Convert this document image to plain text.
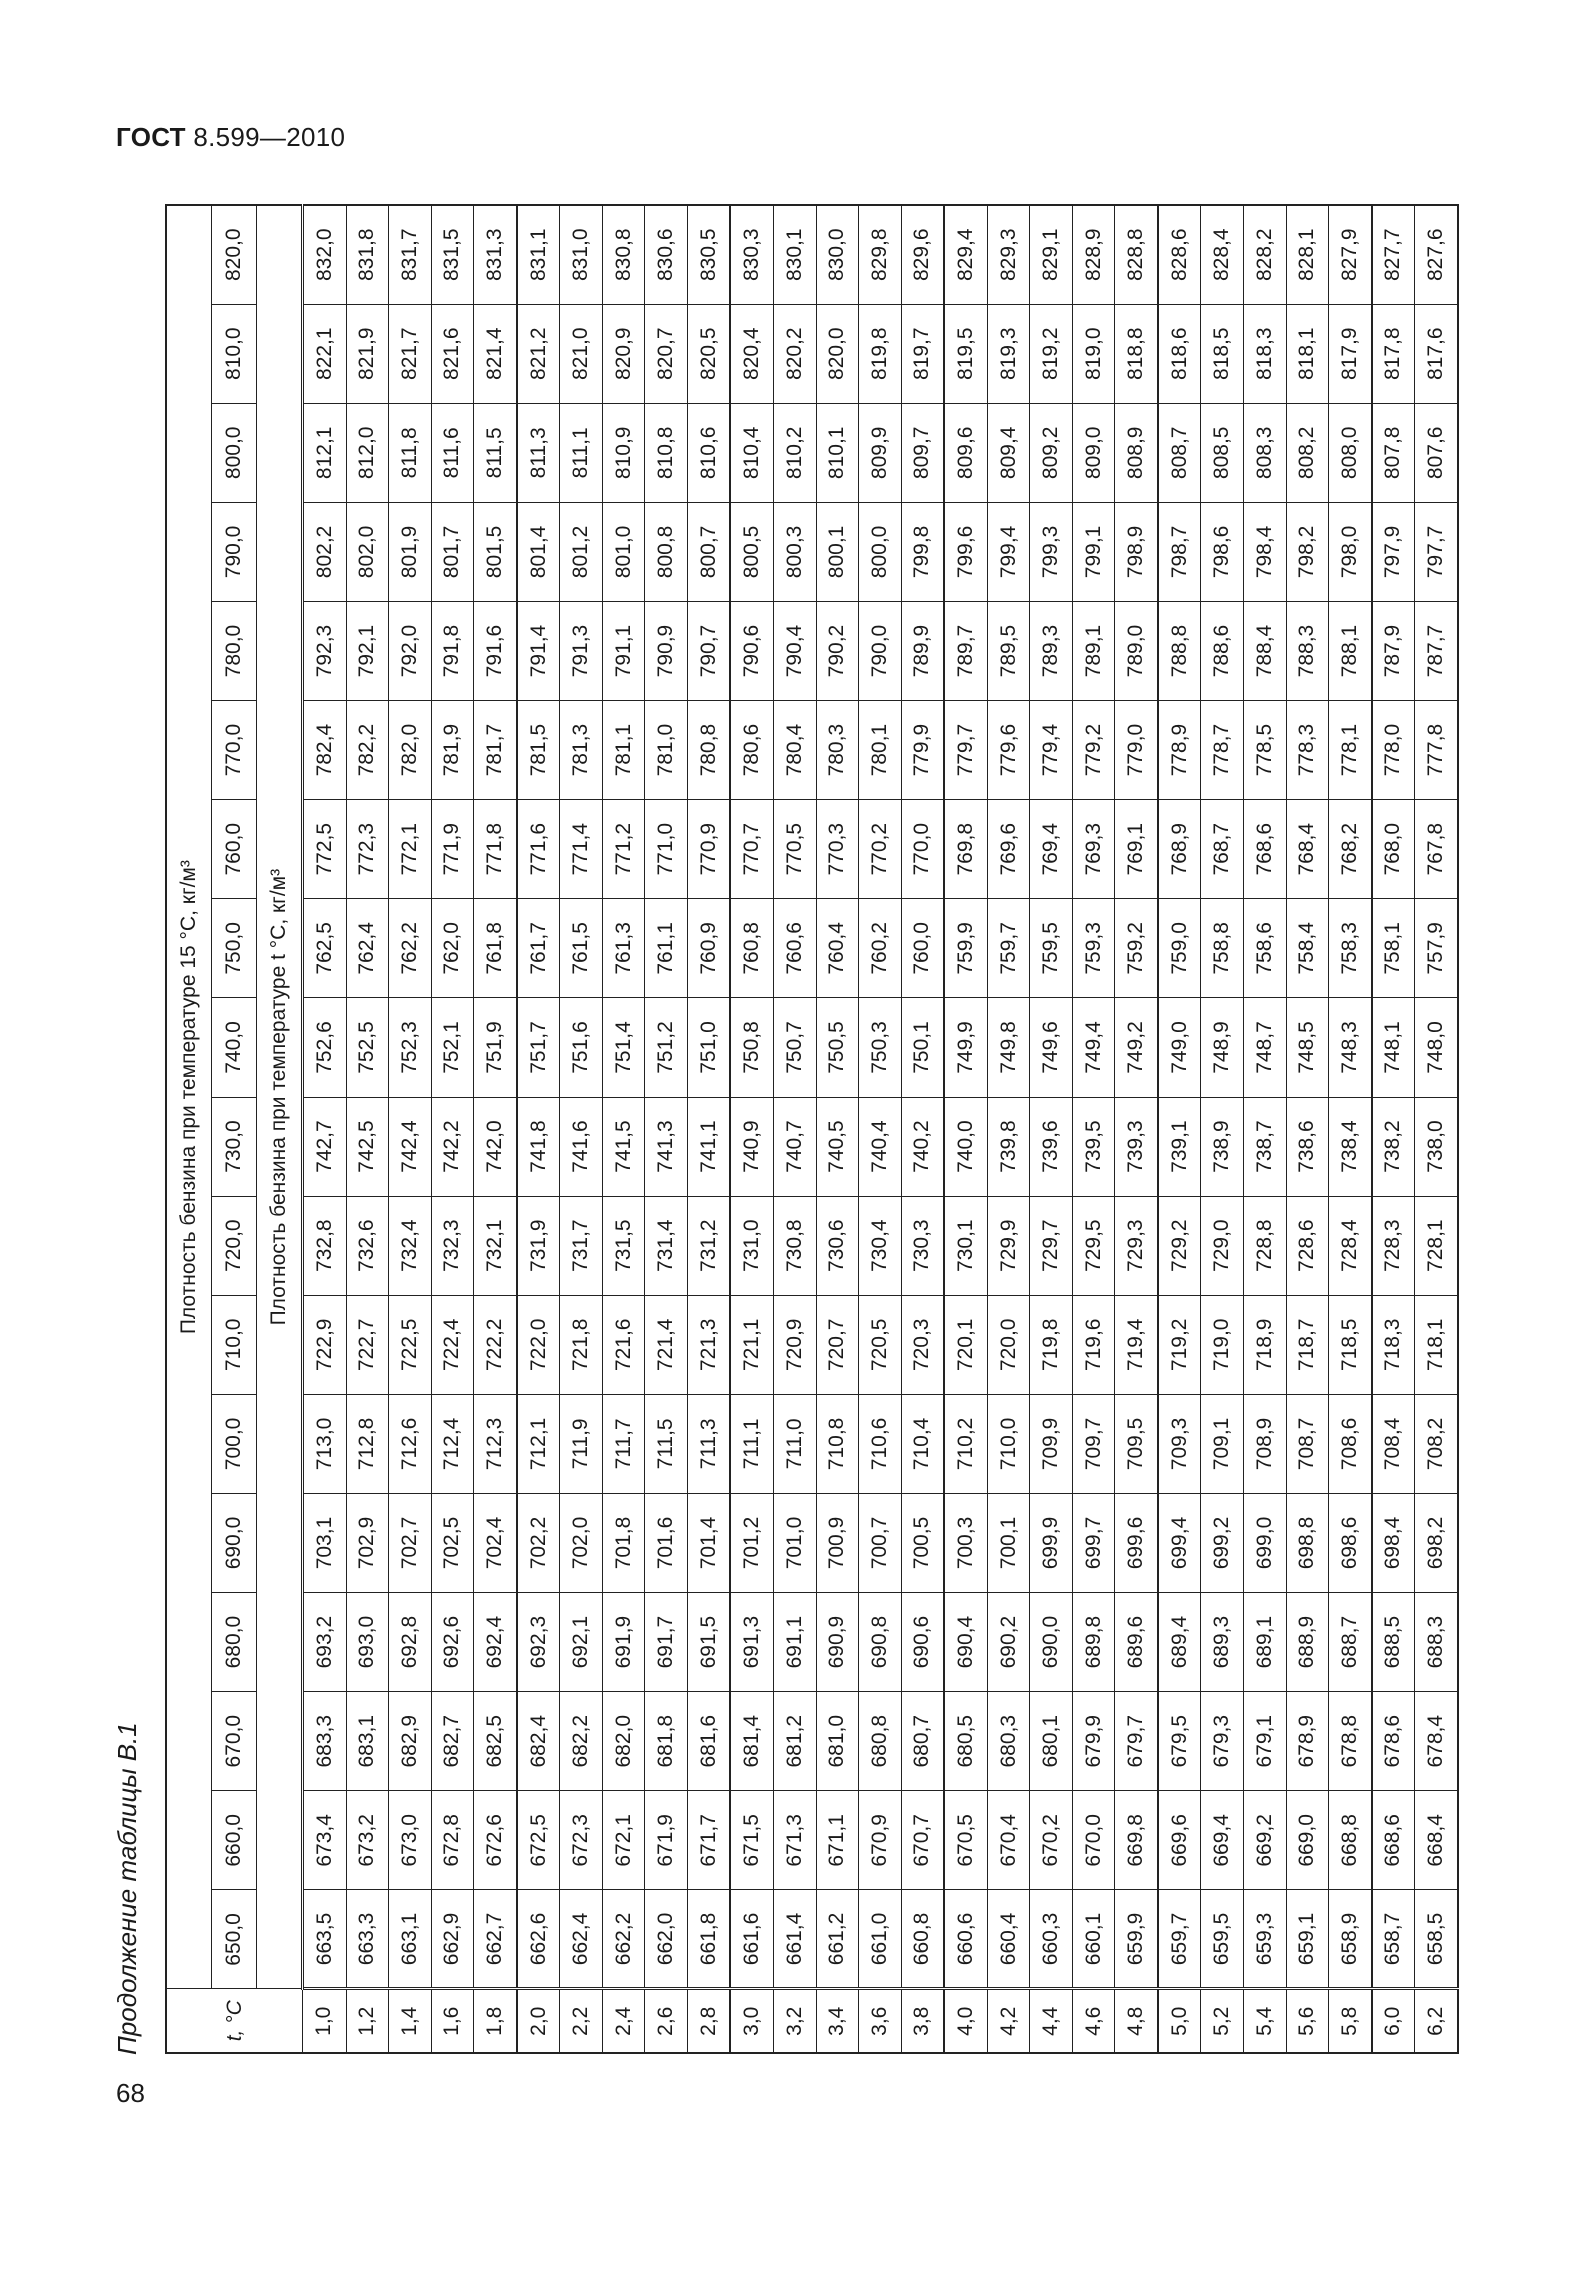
ГОСТ 8.599—2010
Продолжение таблицы В.1
68
t, °C	Плотность бензина при температуре 15 °C, кг/м³																	
	650,0	660,0	670,0	680,0	690,0	700,0	710,0	720,0	730,0	740,0	750,0	760,0	770,0	780,0	790,0	800,0	810,0	820,0
	Плотность бензина при температуре t °C, кг/м³																	
1,0	663,5	673,4	683,3	693,2	703,1	713,0	722,9	732,8	742,7	752,6	762,5	772,5	782,4	792,3	802,2	812,1	822,1	832,0
1,2	663,3	673,2	683,1	693,0	702,9	712,8	722,7	732,6	742,5	752,5	762,4	772,3	782,2	792,1	802,0	812,0	821,9	831,8
1,4	663,1	673,0	682,9	692,8	702,7	712,6	722,5	732,4	742,4	752,3	762,2	772,1	782,0	792,0	801,9	811,8	821,7	831,7
1,6	662,9	672,8	682,7	692,6	702,5	712,4	722,4	732,3	742,2	752,1	762,0	771,9	781,9	791,8	801,7	811,6	821,6	831,5
1,8	662,7	672,6	682,5	692,4	702,4	712,3	722,2	732,1	742,0	751,9	761,8	771,8	781,7	791,6	801,5	811,5	821,4	831,3
2,0	662,6	672,5	682,4	692,3	702,2	712,1	722,0	731,9	741,8	751,7	761,7	771,6	781,5	791,4	801,4	811,3	821,2	831,1
2,2	662,4	672,3	682,2	692,1	702,0	711,9	721,8	731,7	741,6	751,6	761,5	771,4	781,3	791,3	801,2	811,1	821,0	831,0
2,4	662,2	672,1	682,0	691,9	701,8	711,7	721,6	731,5	741,5	751,4	761,3	771,2	781,1	791,1	801,0	810,9	820,9	830,8
2,6	662,0	671,9	681,8	691,7	701,6	711,5	721,4	731,4	741,3	751,2	761,1	771,0	781,0	790,9	800,8	810,8	820,7	830,6
2,8	661,8	671,7	681,6	691,5	701,4	711,3	721,3	731,2	741,1	751,0	760,9	770,9	780,8	790,7	800,7	810,6	820,5	830,5
3,0	661,6	671,5	681,4	691,3	701,2	711,1	721,1	731,0	740,9	750,8	760,8	770,7	780,6	790,6	800,5	810,4	820,4	830,3
3,2	661,4	671,3	681,2	691,1	701,0	711,0	720,9	730,8	740,7	750,7	760,6	770,5	780,4	790,4	800,3	810,2	820,2	830,1
3,4	661,2	671,1	681,0	690,9	700,9	710,8	720,7	730,6	740,5	750,5	760,4	770,3	780,3	790,2	800,1	810,1	820,0	830,0
3,6	661,0	670,9	680,8	690,8	700,7	710,6	720,5	730,4	740,4	750,3	760,2	770,2	780,1	790,0	800,0	809,9	819,8	829,8
3,8	660,8	670,7	680,7	690,6	700,5	710,4	720,3	730,3	740,2	750,1	760,0	770,0	779,9	789,9	799,8	809,7	819,7	829,6
4,0	660,6	670,5	680,5	690,4	700,3	710,2	720,1	730,1	740,0	749,9	759,9	769,8	779,7	789,7	799,6	809,6	819,5	829,4
4,2	660,4	670,4	680,3	690,2	700,1	710,0	720,0	729,9	739,8	749,8	759,7	769,6	779,6	789,5	799,4	809,4	819,3	829,3
4,4	660,3	670,2	680,1	690,0	699,9	709,9	719,8	729,7	739,6	749,6	759,5	769,4	779,4	789,3	799,3	809,2	819,2	829,1
4,6	660,1	670,0	679,9	689,8	699,7	709,7	719,6	729,5	739,5	749,4	759,3	769,3	779,2	789,1	799,1	809,0	819,0	828,9
4,8	659,9	669,8	679,7	689,6	699,6	709,5	719,4	729,3	739,3	749,2	759,2	769,1	779,0	789,0	798,9	808,9	818,8	828,8
5,0	659,7	669,6	679,5	689,4	699,4	709,3	719,2	729,2	739,1	749,0	759,0	768,9	778,9	788,8	798,7	808,7	818,6	828,6
5,2	659,5	669,4	679,3	689,3	699,2	709,1	719,0	729,0	738,9	748,9	758,8	768,7	778,7	788,6	798,6	808,5	818,5	828,4
5,4	659,3	669,2	679,1	689,1	699,0	708,9	718,9	728,8	738,7	748,7	758,6	768,6	778,5	788,4	798,4	808,3	818,3	828,2
5,6	659,1	669,0	678,9	688,9	698,8	708,7	718,7	728,6	738,6	748,5	758,4	768,4	778,3	788,3	798,2	808,2	818,1	828,1
5,8	658,9	668,8	678,8	688,7	698,6	708,6	718,5	728,4	738,4	748,3	758,3	768,2	778,1	788,1	798,0	808,0	817,9	827,9
6,0	658,7	668,6	678,6	688,5	698,4	708,4	718,3	728,3	738,2	748,1	758,1	768,0	778,0	787,9	797,9	807,8	817,8	827,7
6,2	658,5	668,4	678,4	688,3	698,2	708,2	718,1	728,1	738,0	748,0	757,9	767,8	777,8	787,7	797,7	807,6	817,6	827,6
